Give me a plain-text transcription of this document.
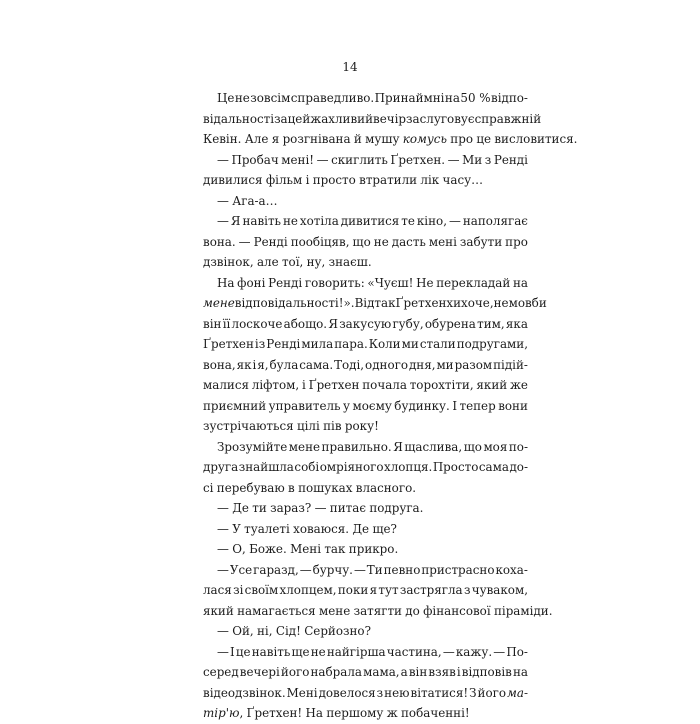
14
Це не зовсім справедливо. Принаймні на 50 % відпо-
відальності за цей жахливий вечір заслуговує справжній
Кевін. Але я розгнівана й мушу комусь про це висловитися.
— Пробач мені! — скиглить Ґретхен. — Ми з Ренді
дивилися фільм і просто втратили лік часу…
— Ага-а…
— Я навіть не хотіла дивитися те кіно, — наполягає
вона. — Ренді пообіцяв, що не дасть мені забути про
дзвінок, але тої, ну, знаєш.
На фоні Ренді говорить: «Чуєш! Не перекладай на
мене відповідальності!». Відтак Ґретхен хихоче, немовби
він її лоскоче абощо. Я закусую губу, обурена тим, яка
Ґретхен із Ренді мила пара. Коли ми стали подругами,
вона, як і я, була сама. Тоді, одного дня, ми разом підій-
малися ліфтом, і Ґретхен почала торохтіти, який же
приємний управитель у моєму будинку. І тепер вони
зустрічаються цілі пів року!
Зрозумійте мене правильно. Я щаслива, що моя по-
друга знайшла собі омріяного хлопця. Просто сама до-
сі перебуваю в пошуках власного.
— Де ти зараз? — питає подруга.
— У туалеті ховаюся. Де ще?
— О, Боже. Мені так прикро.
— Усе гаразд, — бурчу. — Ти певно пристрасно коха-
лася зі своїм хлопцем, поки я тут застрягла з чуваком,
який намагається мене затягти до фінансової піраміди.
— Ой, ні, Сід! Серйозно?
— І це навіть ще не найгірша частина, — кажу. — По-
серед вечері його набрала мама, а він взяв і відповів на
відеодзвінок. Мені довелося з нею вітатися! З його ма-
тір'ю, Ґретхен! На першому ж побаченні!
